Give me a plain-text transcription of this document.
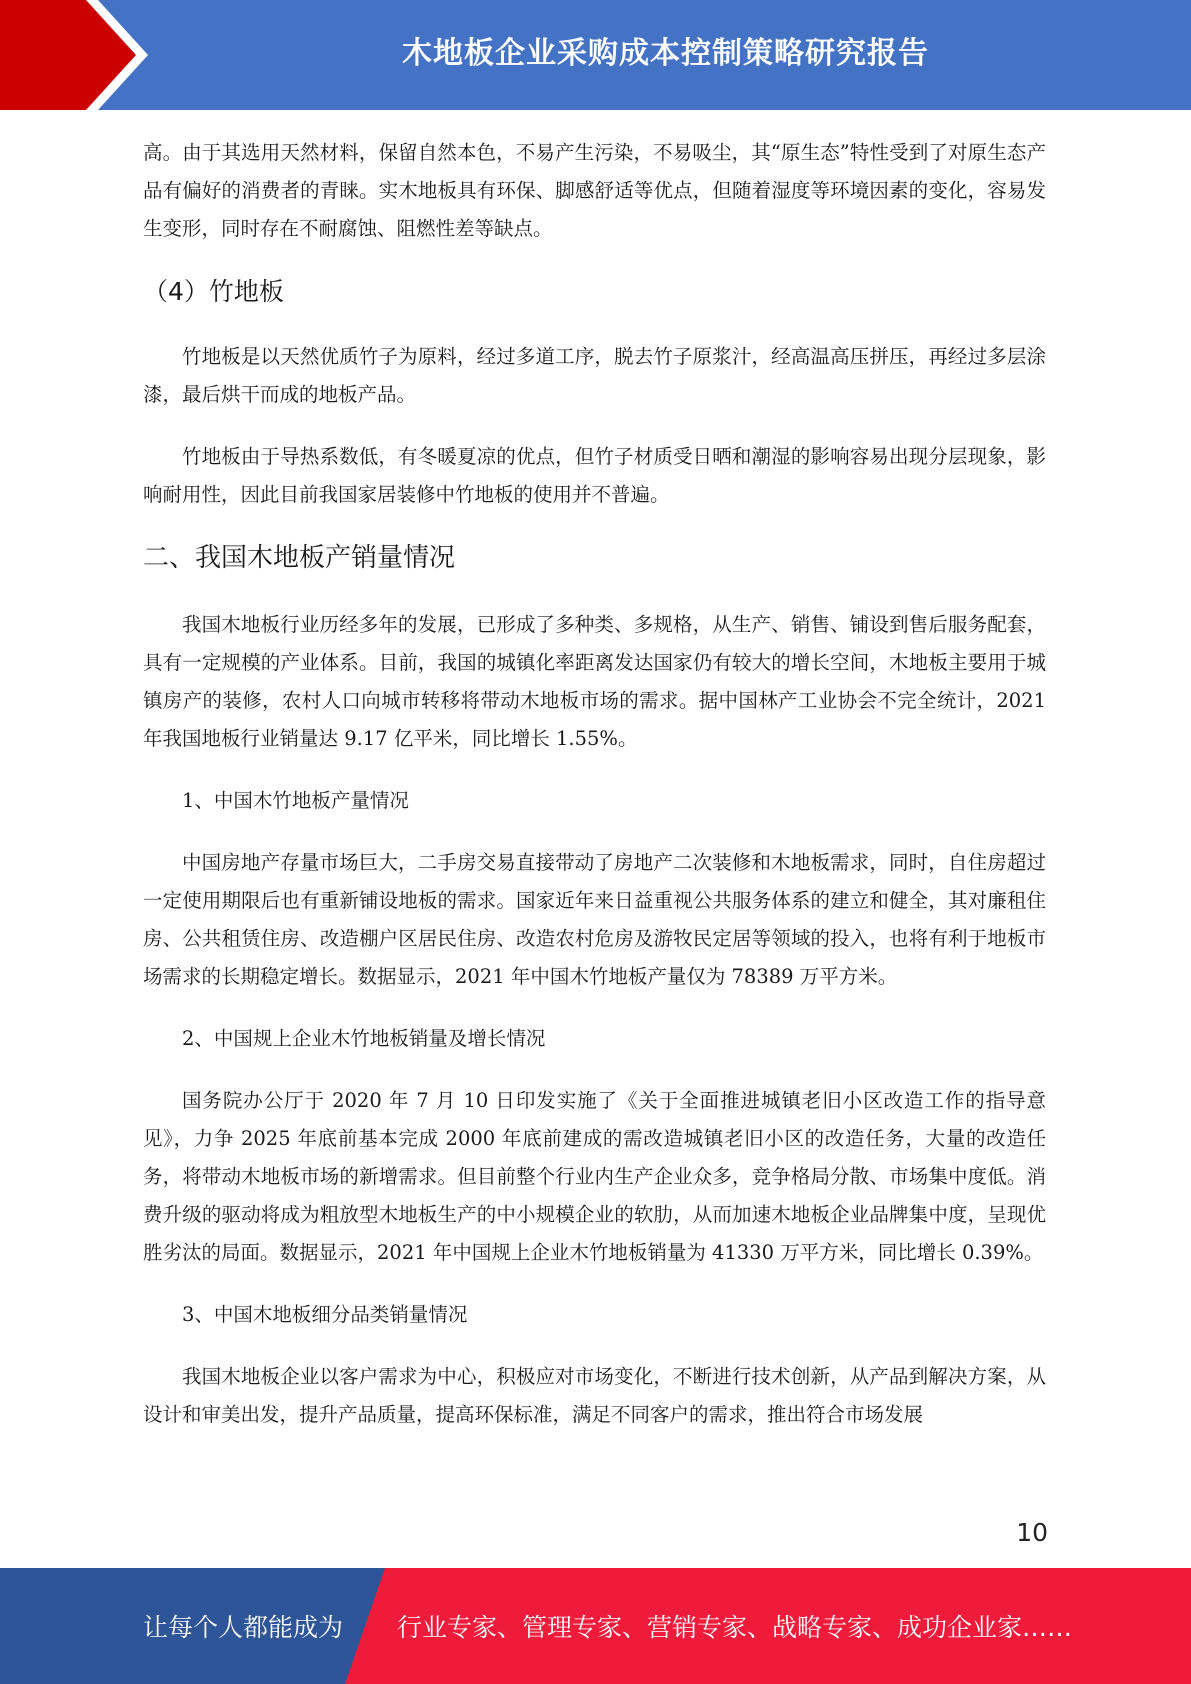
木地板企业采购成本控制策略研究报告

高。由于其选用天然材料，保留自然本色，不易产生污染，不易吸尘，其“原生态”特性受到了对原生态产品有偏好的消费者的青睐。实木地板具有环保、脚感舒适等优点，但随着湿度等环境因素的变化，容易发生变形，同时存在不耐腐蚀、阻燃性差等缺点。

（4）竹地板

竹地板是以天然优质竹子为原料，经过多道工序，脱去竹子原浆汁，经高温高压拼压，再经过多层涂漆，最后烘干而成的地板产品。

竹地板由于导热系数低，有冬暖夏凉的优点，但竹子材质受日晒和潮湿的影响容易出现分层现象，影响耐用性，因此目前我国家居装修中竹地板的使用并不普遍。

二、我国木地板产销量情况

我国木地板行业历经多年的发展，已形成了多种类、多规格，从生产、销售、铺设到售后服务配套，具有一定规模的产业体系。目前，我国的城镇化率距离发达国家仍有较大的增长空间，木地板主要用于城镇房产的装修，农村人口向城市转移将带动木地板市场的需求。据中国林产工业协会不完全统计，2021 年我国地板行业销量达 9.17 亿平米，同比增长 1.55%。

1、中国木竹地板产量情况

中国房地产存量市场巨大，二手房交易直接带动了房地产二次装修和木地板需求，同时，自住房超过一定使用期限后也有重新铺设地板的需求。国家近年来日益重视公共服务体系的建立和健全，其对廉租住房、公共租赁住房、改造棚户区居民住房、改造农村危房及游牧民定居等领域的投入，也将有利于地板市场需求的长期稳定增长。数据显示，2021 年中国木竹地板产量仅为 78389 万平方米。

2、中国规上企业木竹地板销量及增长情况

国务院办公厅于 2020 年 7 月 10 日印发实施了《关于全面推进城镇老旧小区改造工作的指导意见》，力争 2025 年底前基本完成 2000 年底前建成的需改造城镇老旧小区的改造任务，大量的改造任务，将带动木地板市场的新增需求。但目前整个行业内生产企业众多，竞争格局分散、市场集中度低。消费升级的驱动将成为粗放型木地板生产的中小规模企业的软肋，从而加速木地板企业品牌集中度，呈现优胜劣汰的局面。数据显示，2021 年中国规上企业木竹地板销量为 41330 万平方米，同比增长 0.39%。

3、中国木地板细分品类销量情况

我国木地板企业以客户需求为中心，积极应对市场变化，不断进行技术创新，从产品到解决方案，从设计和审美出发，提升产品质量，提高环保标准，满足不同客户的需求，推出符合市场发展

10
让每个人都能成为 行业专家、管理专家、营销专家、战略专家、成功企业家……
